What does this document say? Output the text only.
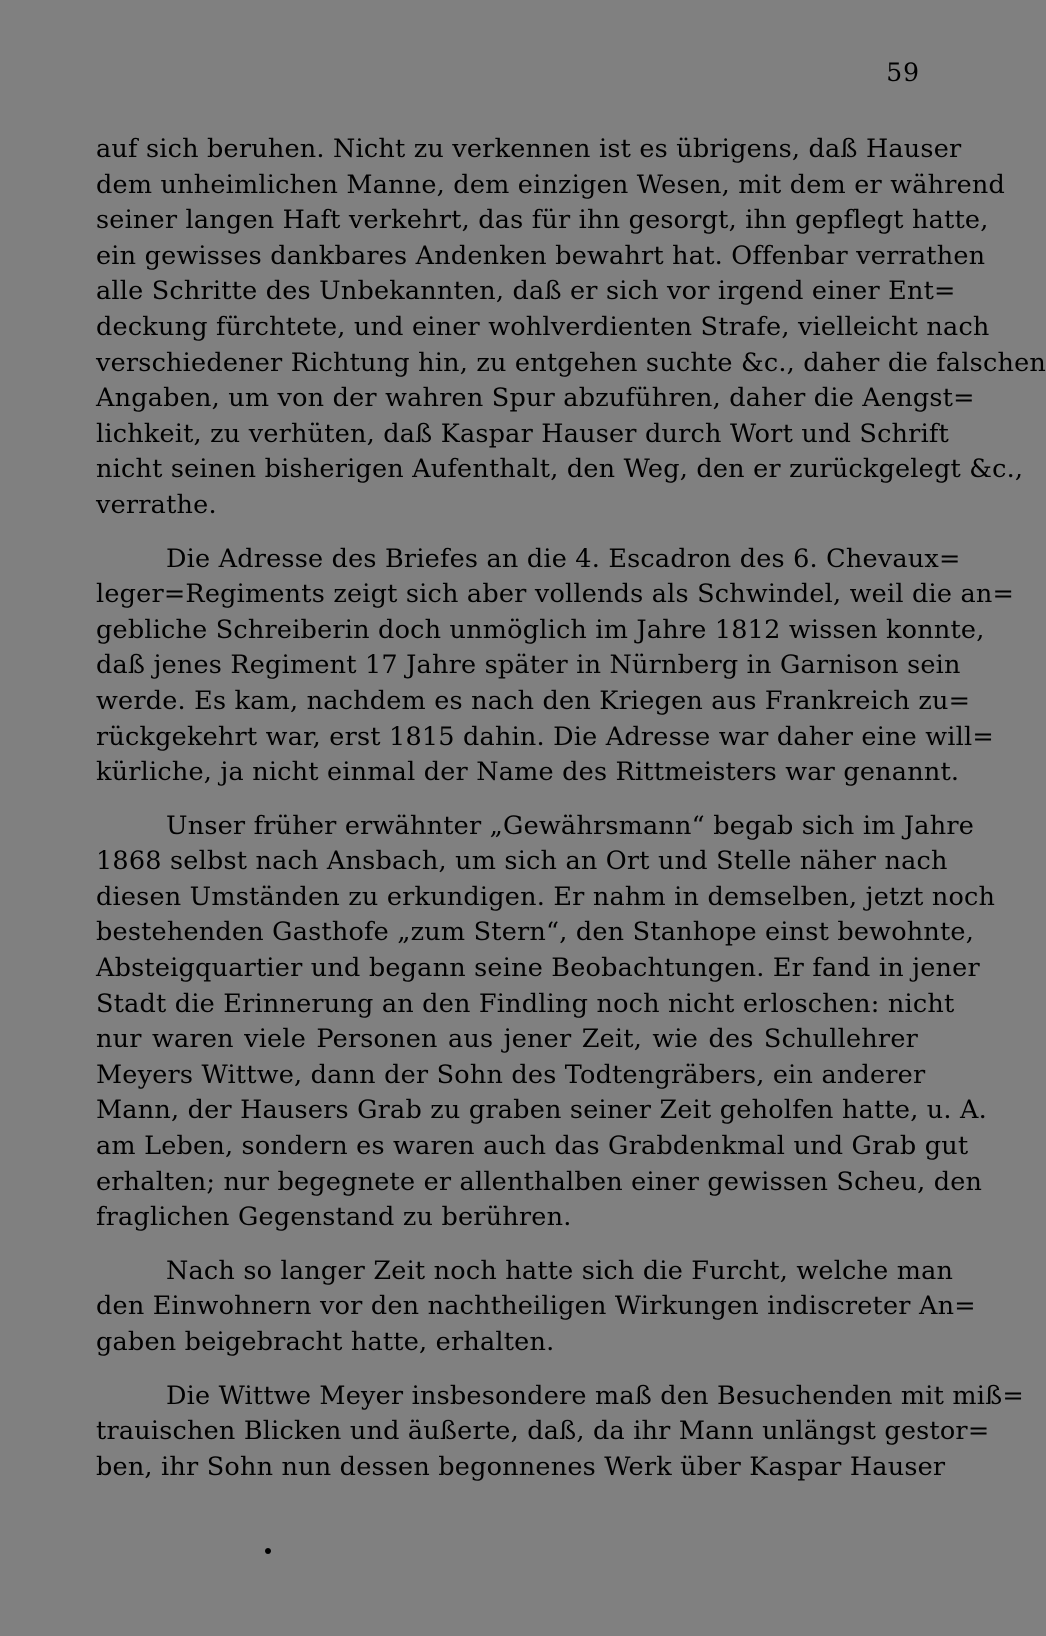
59
auf sich beruhen. Nicht zu verkennen ist es übrigens, daß Hauser
dem unheimlichen Manne, dem einzigen Wesen, mit dem er während
seiner langen Haft verkehrt, das für ihn gesorgt, ihn gepflegt hatte,
ein gewisses dankbares Andenken bewahrt hat. Offenbar verrathen
alle Schritte des Unbekannten, daß er sich vor irgend einer Ent=
deckung fürchtete, und einer wohlverdienten Strafe, vielleicht nach
verschiedener Richtung hin, zu entgehen suchte &c., daher die falschen
Angaben, um von der wahren Spur abzuführen, daher die Aengst=
lichkeit, zu verhüten, daß Kaspar Hauser durch Wort und Schrift
nicht seinen bisherigen Aufenthalt, den Weg, den er zurückgelegt &c.,
verrathe.
Die Adresse des Briefes an die 4. Escadron des 6. Chevaux=
leger=Regiments zeigt sich aber vollends als Schwindel, weil die an=
gebliche Schreiberin doch unmöglich im Jahre 1812 wissen konnte,
daß jenes Regiment 17 Jahre später in Nürnberg in Garnison sein
werde. Es kam, nachdem es nach den Kriegen aus Frankreich zu=
rückgekehrt war, erst 1815 dahin. Die Adresse war daher eine will=
kürliche, ja nicht einmal der Name des Rittmeisters war genannt.
Unser früher erwähnter „Gewährsmann“ begab sich im Jahre
1868 selbst nach Ansbach, um sich an Ort und Stelle näher nach
diesen Umständen zu erkundigen. Er nahm in demselben, jetzt noch
bestehenden Gasthofe „zum Stern“, den Stanhope einst bewohnte,
Absteigquartier und begann seine Beobachtungen. Er fand in jener
Stadt die Erinnerung an den Findling noch nicht erloschen: nicht
nur waren viele Personen aus jener Zeit, wie des Schullehrer
Meyers Wittwe, dann der Sohn des Todtengräbers, ein anderer
Mann, der Hausers Grab zu graben seiner Zeit geholfen hatte, u. A.
am Leben, sondern es waren auch das Grabdenkmal und Grab gut
erhalten; nur begegnete er allenthalben einer gewissen Scheu, den
fraglichen Gegenstand zu berühren.
Nach so langer Zeit noch hatte sich die Furcht, welche man
den Einwohnern vor den nachtheiligen Wirkungen indiscreter An=
gaben beigebracht hatte, erhalten.
Die Wittwe Meyer insbesondere maß den Besuchenden mit miß=
trauischen Blicken und äußerte, daß, da ihr Mann unlängst gestor=
ben, ihr Sohn nun dessen begonnenes Werk über Kaspar Hauser
